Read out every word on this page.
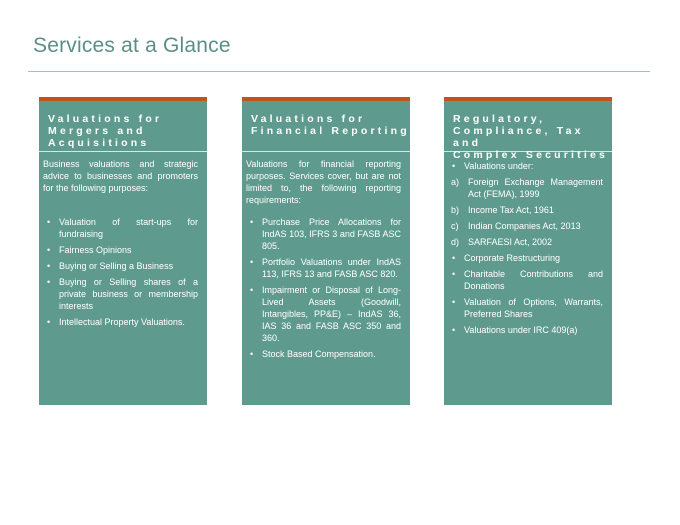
Services at a Glance
Valuations for
Mergers and
Acquisitions

Business valuations and strategic advice to businesses and promoters for the following purposes:

• Valuation of start-ups for fundraising
• Fairness Opinions
• Buying or Selling a Business
• Buying or Selling shares of a private business or membership interests
• Intellectual Property Valuations.
Valuations for
Financial Reporting

Valuations for financial reporting purposes. Services cover, but are not limited to, the following reporting requirements:

• Purchase Price Allocations for IndAS 103, IFRS 3 and FASB ASC 805.
• Portfolio Valuations under IndAS 113, IFRS 13 and FASB ASC 820.
• Impairment or Disposal of Long-Lived Assets (Goodwill, Intangibles, PP&E) – IndAS 36, IAS 36 and FASB ASC 350 and 360.
• Stock Based Compensation.
Regulatory,
Compliance, Tax and
Complex Securities
• Valuations under:
a) Foreign Exchange Management Act (FEMA), 1999
b) Income Tax Act, 1961
c) Indian Companies Act, 2013
d) SARFAESI Act, 2002
• Corporate Restructuring
• Charitable Contributions and Donations
• Valuation of Options, Warrants, Preferred Shares
• Valuations under IRC 409(a)
